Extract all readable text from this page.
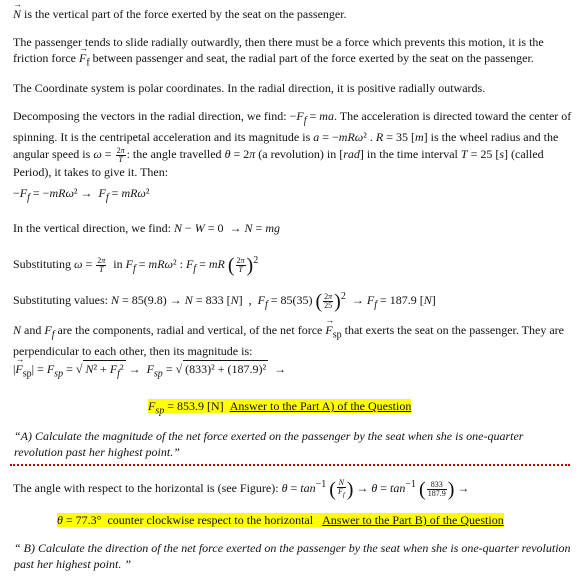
→ N is the vertical part of the force exerted by the seat on the passenger.

The passenger tends to slide radially outwardly, then there must be a force which prevents this motion, it is the friction force → $F_f$ between passenger and seat, the radial part of the force exerted by the seat on the passenger.

The Coordinate system is polar coordinates. In the radial direction, it is positive radially outwards.

Decomposing the vectors in the radial direction, we find: $-F_f$ = ma. The acceleration is directed toward the center of spinning. It is the centripetal acceleration and its magnitude is a = −mRω² . R = 35 [m] is the wheel radius and the angular speed is $\omega = \frac{2\pi}{T}$ : the angle travelled θ = 2π (a revolution) in [rad] in the time interval T = 25 [s] (called Period), it takes to give it. Then:

$-F_f = -mR\omega^2 \to F_f = mR\omega^2$

In the vertical direction, we find: N − W = 0  → N = mg

Substituting $\omega = \frac{2\pi}{T}$ in $F_f = mR\omega^2$ : $F_f$ = mR ( $\frac{2\pi}{T} )^2$

Substituting values: N = 85(9.8) → N = 833 [N]  ,  $F_f = 85(35)$ ( $\frac{2\pi}{25} )^2 \to F_f = 187.9$ [N]

N and $F_f$ are the components, radial and vertical, of the net force → $F_{sp}$ that exerts the seat on the passenger. They are perpendicular to each other, then its magnitude is:

|→ $F_{sp}| = F_{sp}$ = √ $N^2 + F_f^2 \to F_{sp}$ = √ (833)² + (187.9)²  →

$F_{sp} = 853.9$ [N] Answer to the Part A) of the Question

“A) Calculate the magnitude of the net force exerted on the passenger by the seat when she is one-quarter revolution past her highest point.”

The angle with respect to the horizontal is (see Figure): $\theta = \tan^{-1}$ ( $\frac{N}{F_f}$ ) → $\theta = \tan^{-1}$ ( $\frac{833}{187.9}$ ) →

θ = 77.3° counter clockwise respect to the horizontal Answer to the Part B) of the Question

“ B) Calculate the direction of the net force exerted on the passenger by the seat when she is one-quarter revolution past her highest point. ”
